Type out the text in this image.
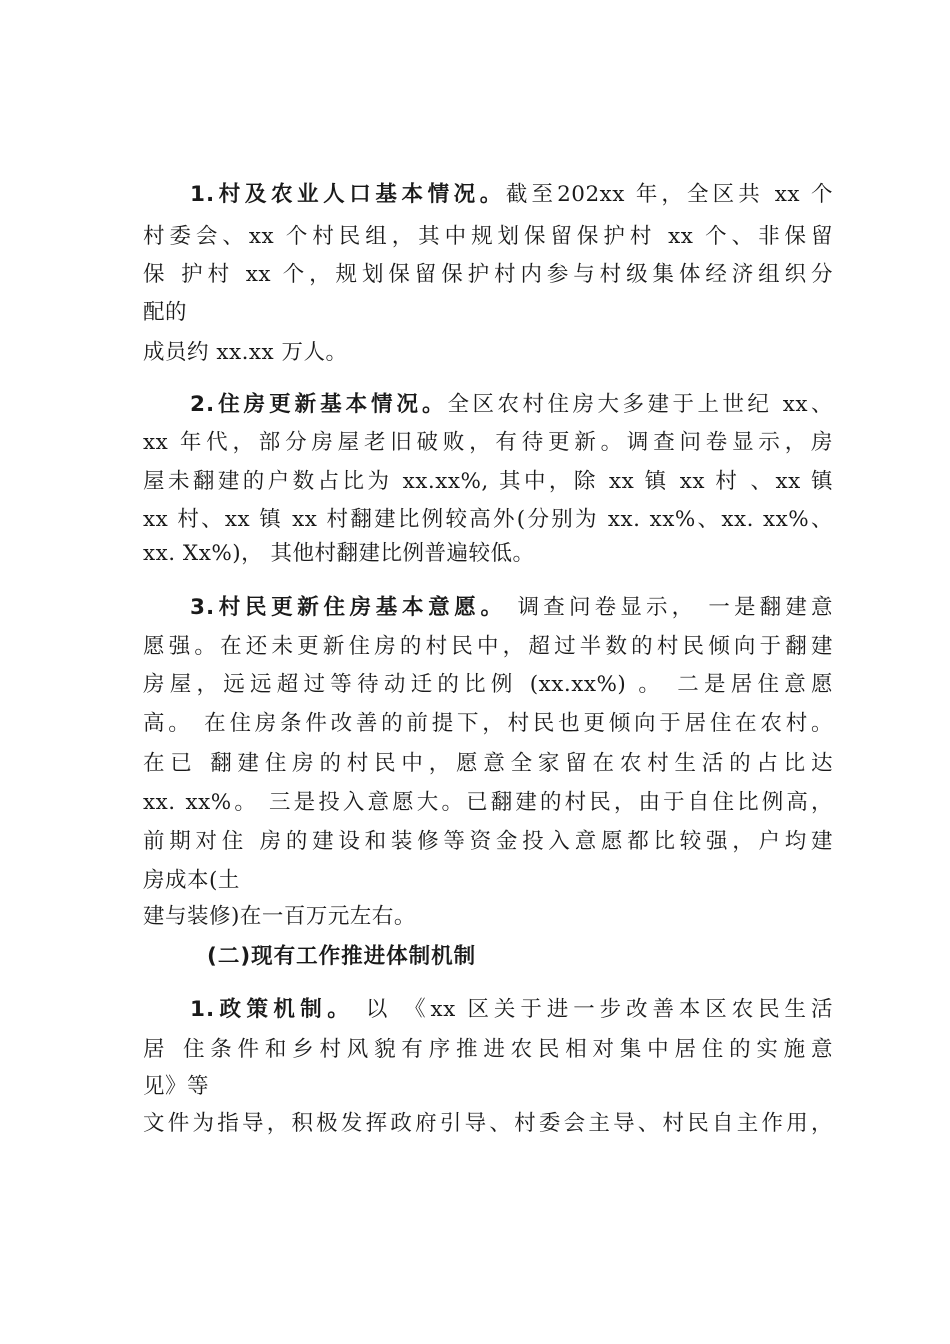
1.村及农业人口基本情况。截至202xx 年，全区共 xx 个
村委会、xx 个村民组，其中规划保留保护村 xx 个、非保留
保 护村 xx 个，规划保留保护村内参与村级集体经济组织分
配的
成员约 xx.xx 万人。
2.住房更新基本情况。全区农村住房大多建于上世纪 xx、
xx 年代，部分房屋老旧破败，有待更新。调查问卷显示，房
屋未翻建的户数占比为 xx.xx%, 其中，除 xx 镇 xx 村 、xx 镇
xx 村、xx 镇 xx 村翻建比例较高外(分别为 xx. xx%、xx. xx%、
xx. Xx%)， 其他村翻建比例普遍较低。
3.村民更新住房基本意愿。 调查问卷显示， 一是翻建意
愿强。在还未更新住房的村民中，超过半数的村民倾向于翻建
房屋，远远超过等待动迁的比例 (xx.xx%) 。 二是居住意愿
高。 在住房条件改善的前提下，村民也更倾向于居住在农村。
在已 翻建住房的村民中，愿意全家留在农村生活的占比达
xx. xx%。 三是投入意愿大。已翻建的村民，由于自住比例高，
前期对住 房的建设和装修等资金投入意愿都比较强，户均建
房成本(土
建与装修)在一百万元左右。
(二)现有工作推进体制机制
1.政策机制。 以 《xx 区关于进一步改善本区农民生活
居 住条件和乡村风貌有序推进农民相对集中居住的实施意
见》等
文件为指导，积极发挥政府引导、村委会主导、村民自主作用，
